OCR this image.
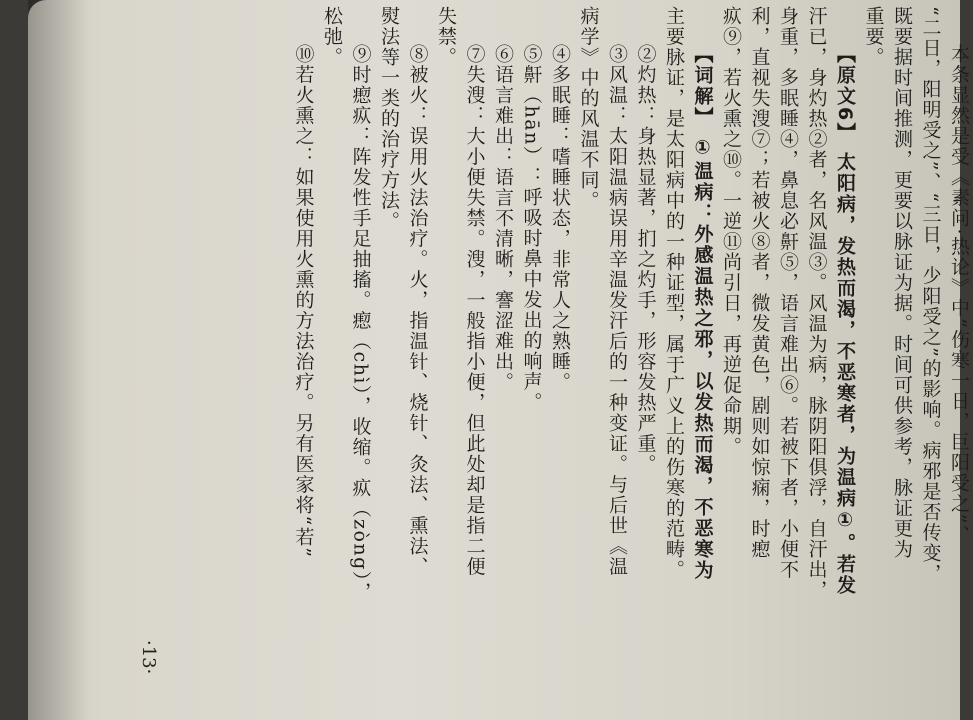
本条显然是受《素问·热论》中“伤寒一日，巨阳受之”、
“二日，阳明受之”、“三日，少阳受之”的影响。病邪是否传变，
既要据时间推测，更要以脉证为据。时间可供参考，脉证更为
重要。
【原文6】 太阳病，发热而渴，不恶寒者，为温病①。若发
汗已，身灼热②者，名风温③。风温为病，脉阴阳俱浮，自汗出，
身重，多眠睡④，鼻息必鼾⑤，语言难出⑥。若被下者，小便不
利，直视失溲⑦；若被火⑧者，微发黄色，剧则如惊痫，时瘛
疭⑨，若火熏之⑩。一逆⑪尚引日，再逆促命期。
【词解】 ①温病：外感温热之邪，以发热而渴，不恶寒为
主要脉证，是太阳病中的一种证型，属于广义上的伤寒的范畴。
②灼热：身热显著，扪之灼手，形容发热严重。
③风温：太阳温病误用辛温发汗后的一种变证。与后世《温
病学》中的风温不同。
④多眠睡：嗜睡状态，非常人之熟睡。
⑤鼾（hān）：呼吸时鼻中发出的响声。
⑥语言难出：语言不清晰，謇涩难出。
⑦失溲：大小便失禁。溲，一般指小便，但此处却是指二便
失禁。
⑧被火：误用火法治疗。火，指温针、烧针、灸法、熏法、
熨法等一类的治疗方法。
⑨时瘛疭：阵发性手足抽搐。瘛（chì），收缩。疭（zòng），
松弛。
⑩若火熏之：如果使用火熏的方法治疗。另有医家将“若”
·13·
